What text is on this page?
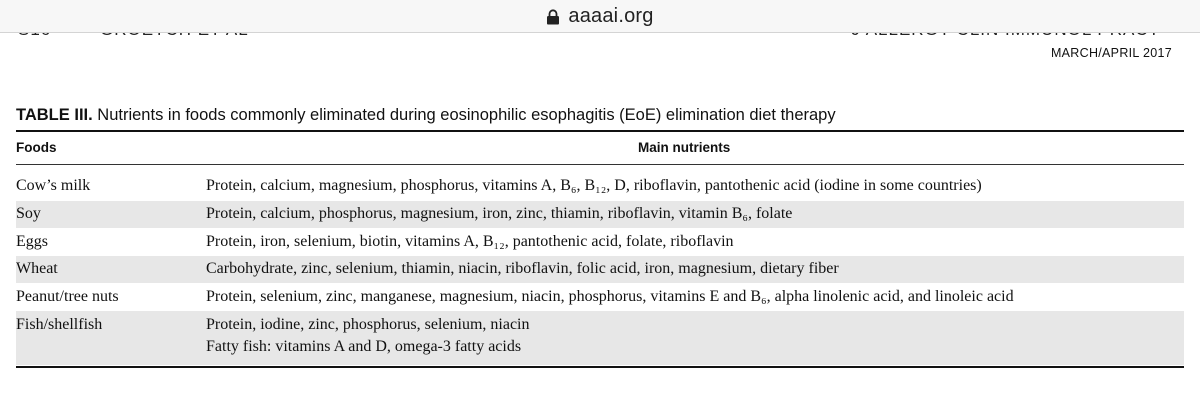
aaaai.org
MARCH/APRIL 2017
TABLE III. Nutrients in foods commonly eliminated during eosinophilic esophagitis (EoE) elimination diet therapy
Foods	Main nutrients
Cow’s milk	Protein, calcium, magnesium, phosphorus, vitamins A, B₆, B₁₂, D, riboflavin, pantothenic acid (iodine in some countries)
Soy	Protein, calcium, phosphorus, magnesium, iron, zinc, thiamin, riboflavin, vitamin B₆, folate
Eggs	Protein, iron, selenium, biotin, vitamins A, B₁₂, pantothenic acid, folate, riboflavin
Wheat	Carbohydrate, zinc, selenium, thiamin, niacin, riboflavin, folic acid, iron, magnesium, dietary fiber
Peanut/tree nuts	Protein, selenium, zinc, manganese, magnesium, niacin, phosphorus, vitamins E and B₆, alpha linolenic acid, and linoleic acid
Fish/shellfish	Protein, iodine, zinc, phosphorus, selenium, niacin
Fatty fish: vitamins A and D, omega-3 fatty acids
